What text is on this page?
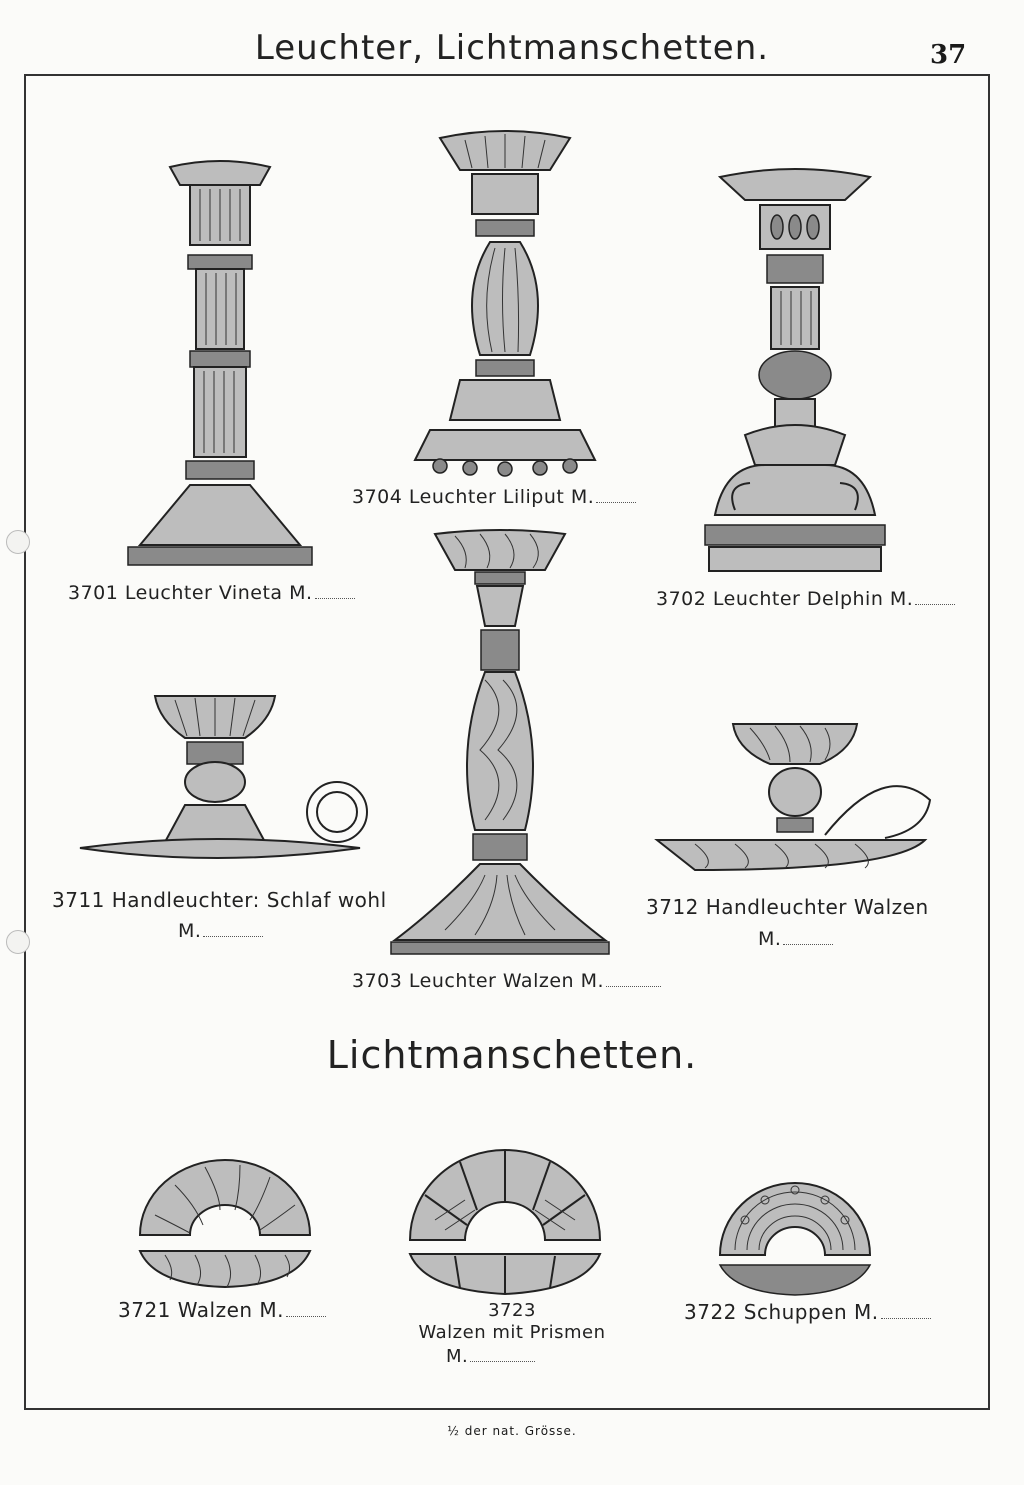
Leuchter, Lichtmanschetten.	37
3701 Leuchter Vineta M.
3704 Leuchter Liliput M.
3702 Leuchter Delphin M.
3711 Handleuchter: Schlaf wohl
M.
3703 Leuchter Walzen M.
3712 Handleuchter Walzen
M.
Lichtmanschetten.
3721 Walzen M.	3723
Walzen mit Prismen
M.
3722 Schuppen M.
½ der nat. Grösse.
